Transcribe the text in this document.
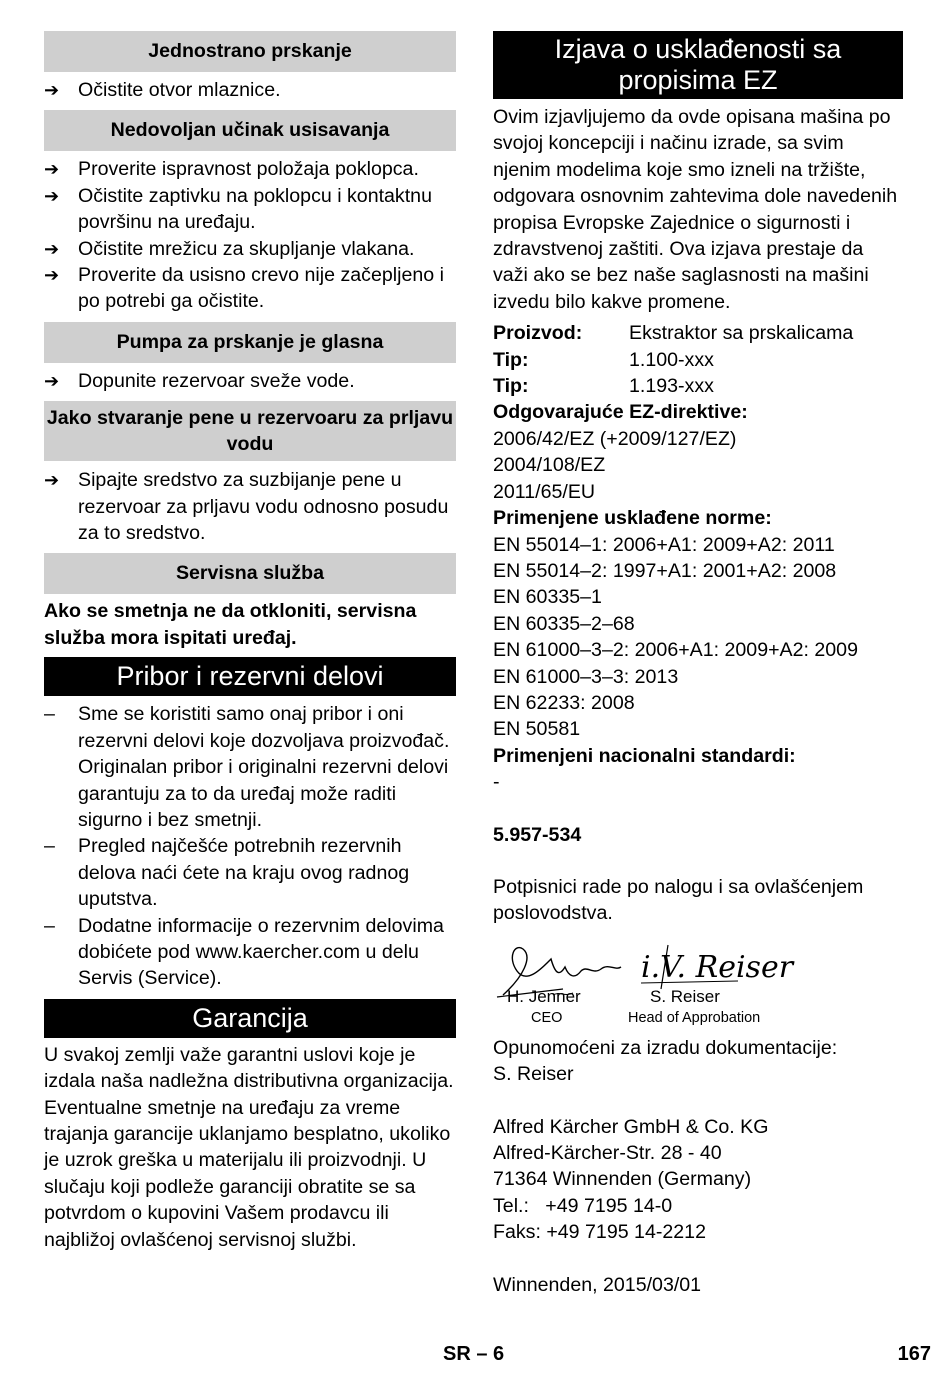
Jednostrano prskanje
➔ Očistite otvor mlaznice.
Nedovoljan učinak usisavanja
➔ Proverite ispravnost položaja poklopca.
➔ Očistite zaptivku na poklopcu i kontaktnu površinu na uređaju.
➔ Očistite mrežicu za skupljanje vlakana.
➔ Proverite da usisno crevo nije začepljeno i po potrebi ga očistite.
Pumpa za prskanje je glasna
➔ Dopunite rezervoar sveže vode.
Jako stvaranje pene u rezervoaru za prljavu vodu
➔ Sipajte sredstvo za suzbijanje pene u rezervoar za prljavu vodu odnosno posudu za to sredstvo.
Servisna služba

Ako se smetnja ne da otkloniti, servisna služba mora ispitati uređaj.

Pribor i rezervni delovi
– Sme se koristiti samo onaj pribor i oni rezervni delovi koje dozvoljava proizvođač. Originalan pribor i originalni rezervni delovi garantuju za to da uređaj može raditi sigurno i bez smetnji.
– Pregled najčešće potrebnih rezervnih delova naći ćete na kraju ovog radnog uputstva.
– Dodatne informacije o rezervnim delovima dobićete pod www.kaercher.com u delu Servis (Service).
Garancija

U svakoj zemlji važe garantni uslovi koje je izdala naša nadležna distributivna organizacija. Eventualne smetnje na uređaju za vreme trajanja garancije uklanjamo besplatno, ukoliko je uzrok greška u materijalu ili proizvodnji. U slučaju koji podleže garanciji obratite se sa potvrdom o kupovini Vašem prodavcu ili najbližoj ovlašćenoj servisnoj službi.

Izjava o usklađenosti sa propisima EZ

Ovim izjavljujemo da ovde opisana mašina po svojoj koncepciji i načinu izrade, sa svim njenim modelima koje smo izneli na tržište, odgovara osnovnim zahtevima dole navedenih propisa Evropske Zajednice o sigurnosti i zdravstvenoj zaštiti. Ova izjava prestaje da važi ako se bez naše saglasnosti na mašini izvedu bilo kakve promene.

Proizvod:	Ekstraktor sa prskalicama
Tip:	1.100-xxx
Tip:	1.193-xxx

Odgovarajuće EZ-direktive:

2006/42/EZ (+2009/127/EZ)

2004/108/EZ

2011/65/EU

Primenjene usklađene norme:

EN 55014–1: 2006+A1: 2009+A2: 2011

EN 55014–2: 1997+A1: 2001+A2: 2008

EN 60335–1

EN 60335–2–68

EN 61000–3–2: 2006+A1: 2009+A2: 2009

EN 61000–3–3: 2013

EN 62233: 2008

EN 50581

Primenjeni nacionalni standardi:

-

5.957-534

Potpisnici rade po nalogu i sa ovlašćenjem poslovodstva.

i.V. Reiser
H. Jenner
CEO
S. Reiser
Head of Approbation

Opunomoćeni za izradu dokumentacije:

S. Reiser

Alfred Kärcher GmbH & Co. KG

Alfred-Kärcher-Str. 28 - 40

71364 Winnenden (Germany)

Tel.:   +49 7195 14-0

Faks: +49 7195 14-2212

Winnenden, 2015/03/01

SR – 6	167
